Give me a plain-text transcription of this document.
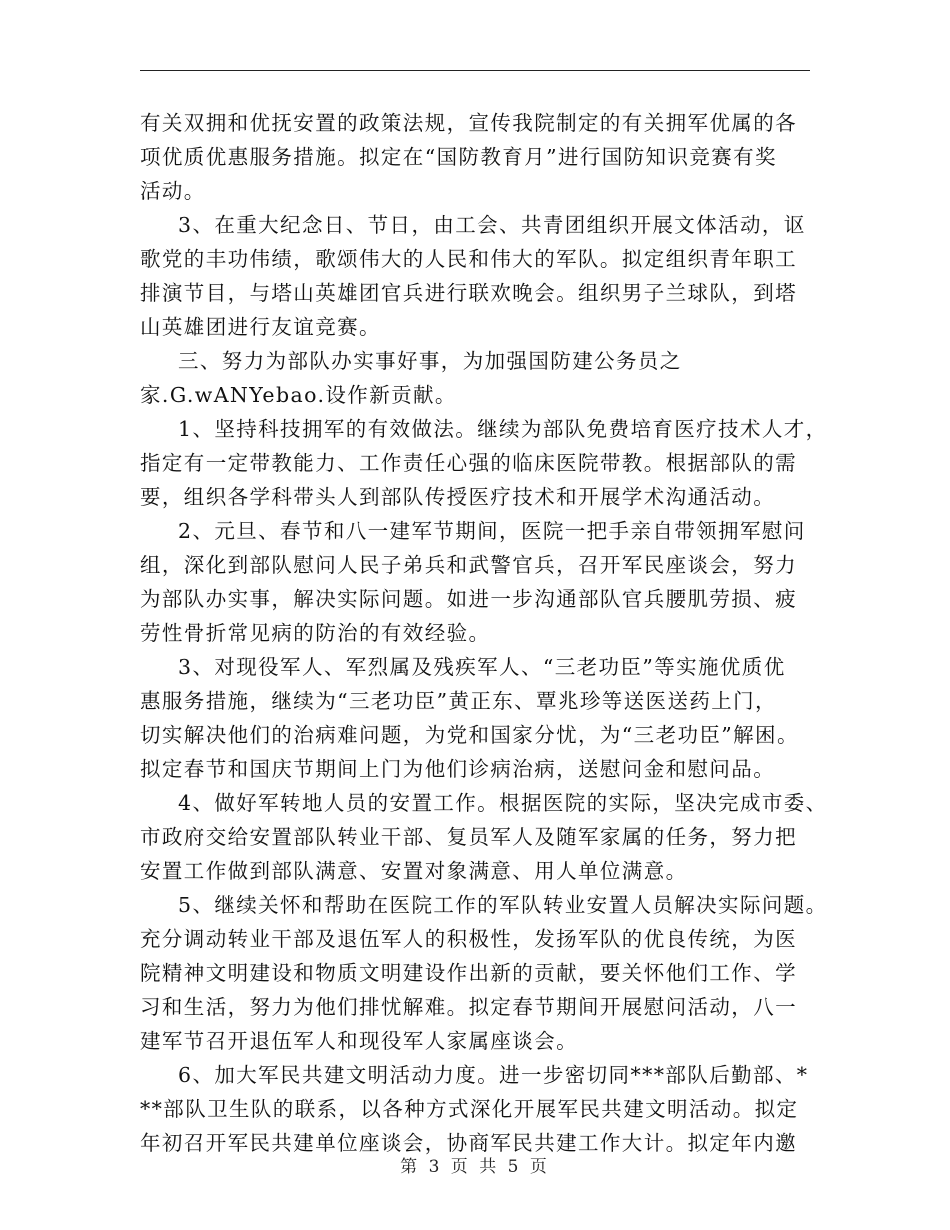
有关双拥和优抚安置的政策法规，宣传我院制定的有关拥军优属的各
项优质优惠服务措施。拟定在“国防教育月”进行国防知识竞赛有奖
活动。
3、在重大纪念日、节日，由工会、共青团组织开展文体活动，讴
歌党的丰功伟绩，歌颂伟大的人民和伟大的军队。拟定组织青年职工
排演节目，与塔山英雄团官兵进行联欢晚会。组织男子兰球队，到塔
山英雄团进行友谊竞赛。
三、努力为部队办实事好事，为加强国防建公务员之
家.G.wANYebao.设作新贡献。
1、坚持科技拥军的有效做法。继续为部队免费培育医疗技术人才，
指定有一定带教能力、工作责任心强的临床医院带教。根据部队的需
要，组织各学科带头人到部队传授医疗技术和开展学术沟通活动。
2、元旦、春节和八一建军节期间，医院一把手亲自带领拥军慰问
组，深化到部队慰问人民子弟兵和武警官兵，召开军民座谈会，努力
为部队办实事，解决实际问题。如进一步沟通部队官兵腰肌劳损、疲
劳性骨折常见病的防治的有效经验。
3、对现役军人、军烈属及残疾军人、“三老功臣”等实施优质优
惠服务措施，继续为“三老功臣”黄正东、覃兆珍等送医送药上门，
切实解决他们的治病难问题，为党和国家分忧，为“三老功臣”解困。
拟定春节和国庆节期间上门为他们诊病治病，送慰问金和慰问品。
4、做好军转地人员的安置工作。根据医院的实际，坚决完成市委、
市政府交给安置部队转业干部、复员军人及随军家属的任务，努力把
安置工作做到部队满意、安置对象满意、用人单位满意。
5、继续关怀和帮助在医院工作的军队转业安置人员解决实际问题。
充分调动转业干部及退伍军人的积极性，发扬军队的优良传统，为医
院精神文明建设和物质文明建设作出新的贡献，要关怀他们工作、学
习和生活，努力为他们排忧解难。拟定春节期间开展慰问活动，八一
建军节召开退伍军人和现役军人家属座谈会。
6、加大军民共建文明活动力度。进一步密切同***部队后勤部、*
**部队卫生队的联系，以各种方式深化开展军民共建文明活动。拟定
年初召开军民共建单位座谈会，协商军民共建工作大计。拟定年内邀
第 3 页 共 5 页
